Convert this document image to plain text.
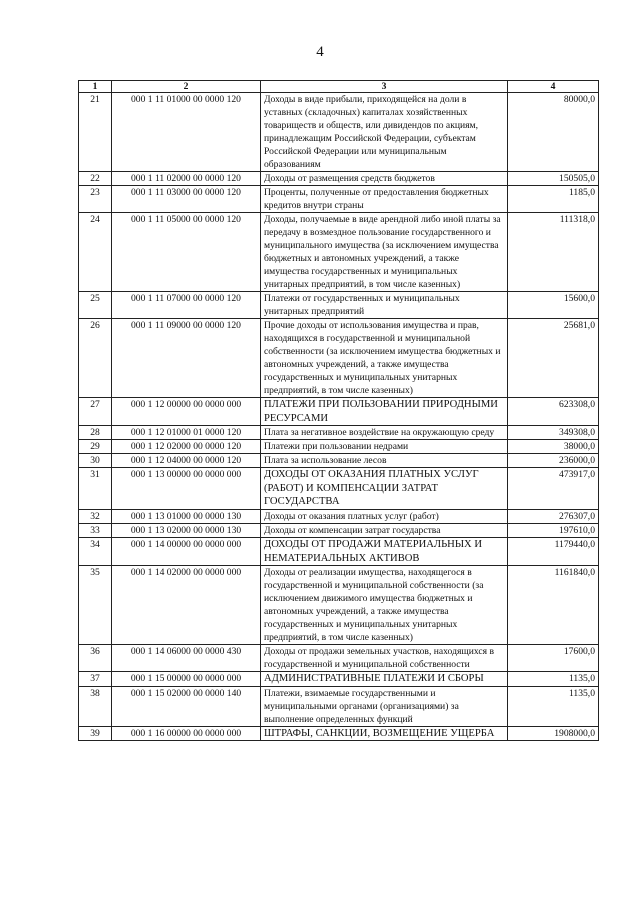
4
1	2	3	4
21	000 1 11 01000 00 0000 120	Доходы в виде прибыли, приходящейся на доли в уставных (складочных) капиталах хозяйственных товариществ и обществ, или дивидендов по акциям, принадлежащим Российской Федерации, субъектам Российской Федерации или муниципальным образованиям	80000,0
22	000 1 11 02000 00 0000 120	Доходы от размещения средств бюджетов	150505,0
23	000 1 11 03000 00 0000 120	Проценты, полученные от предоставления бюджетных кредитов внутри страны	1185,0
24	000 1 11 05000 00 0000 120	Доходы, получаемые в виде арендной либо иной платы за передачу в возмездное пользование государственного и муниципального имущества (за исключением имущества бюджетных и автономных учреждений, а также имущества государственных и муниципальных унитарных предприятий, в том числе казенных)	111318,0
25	000 1 11 07000 00 0000 120	Платежи от государственных и муниципальных унитарных предприятий	15600,0
26	000 1 11 09000 00 0000 120	Прочие доходы от использования имущества и прав, находящихся в государственной и муниципальной собственности (за исключением имущества бюджетных и автономных учреждений, а также имущества государственных и муниципальных унитарных предприятий, в том числе казенных)	25681,0
27	000 1 12 00000 00 0000 000	ПЛАТЕЖИ ПРИ ПОЛЬЗОВАНИИ ПРИРОДНЫМИ РЕСУРСАМИ	623308,0
28	000 1 12 01000 01 0000 120	Плата за негативное воздействие на окружающую среду	349308,0
29	000 1 12 02000 00 0000 120	Платежи при пользовании недрами	38000,0
30	000 1 12 04000 00 0000 120	Плата за использование лесов	236000,0
31	000 1 13 00000 00 0000 000	ДОХОДЫ ОТ ОКАЗАНИЯ ПЛАТНЫХ УСЛУГ (РАБОТ) И КОМПЕНСАЦИИ ЗАТРАТ ГОСУДАРСТВА	473917,0
32	000 1 13 01000 00 0000 130	Доходы от оказания платных услуг (работ)	276307,0
33	000 1 13 02000 00 0000 130	Доходы от компенсации затрат государства	197610,0
34	000 1 14 00000 00 0000 000	ДОХОДЫ ОТ ПРОДАЖИ МАТЕРИАЛЬНЫХ И НЕМАТЕРИАЛЬНЫХ АКТИВОВ	1179440,0
35	000 1 14 02000 00 0000 000	Доходы от реализации имущества, находящегося в государственной и муниципальной собственности (за исключением движимого имущества бюджетных и автономных учреждений, а также имущества государственных и муниципальных унитарных предприятий, в том числе казенных)	1161840,0
36	000 1 14 06000 00 0000 430	Доходы от продажи земельных участков, находящихся в государственной и муниципальной собственности	17600,0
37	000 1 15 00000 00 0000 000	АДМИНИСТРАТИВНЫЕ ПЛАТЕЖИ И СБОРЫ	1135,0
38	000 1 15 02000 00 0000 140	Платежи, взимаемые государственными и муниципальными органами (организациями) за выполнение определенных функций	1135,0
39	000 1 16 00000 00 0000 000	ШТРАФЫ, САНКЦИИ, ВОЗМЕЩЕНИЕ УЩЕРБА	1908000,0
